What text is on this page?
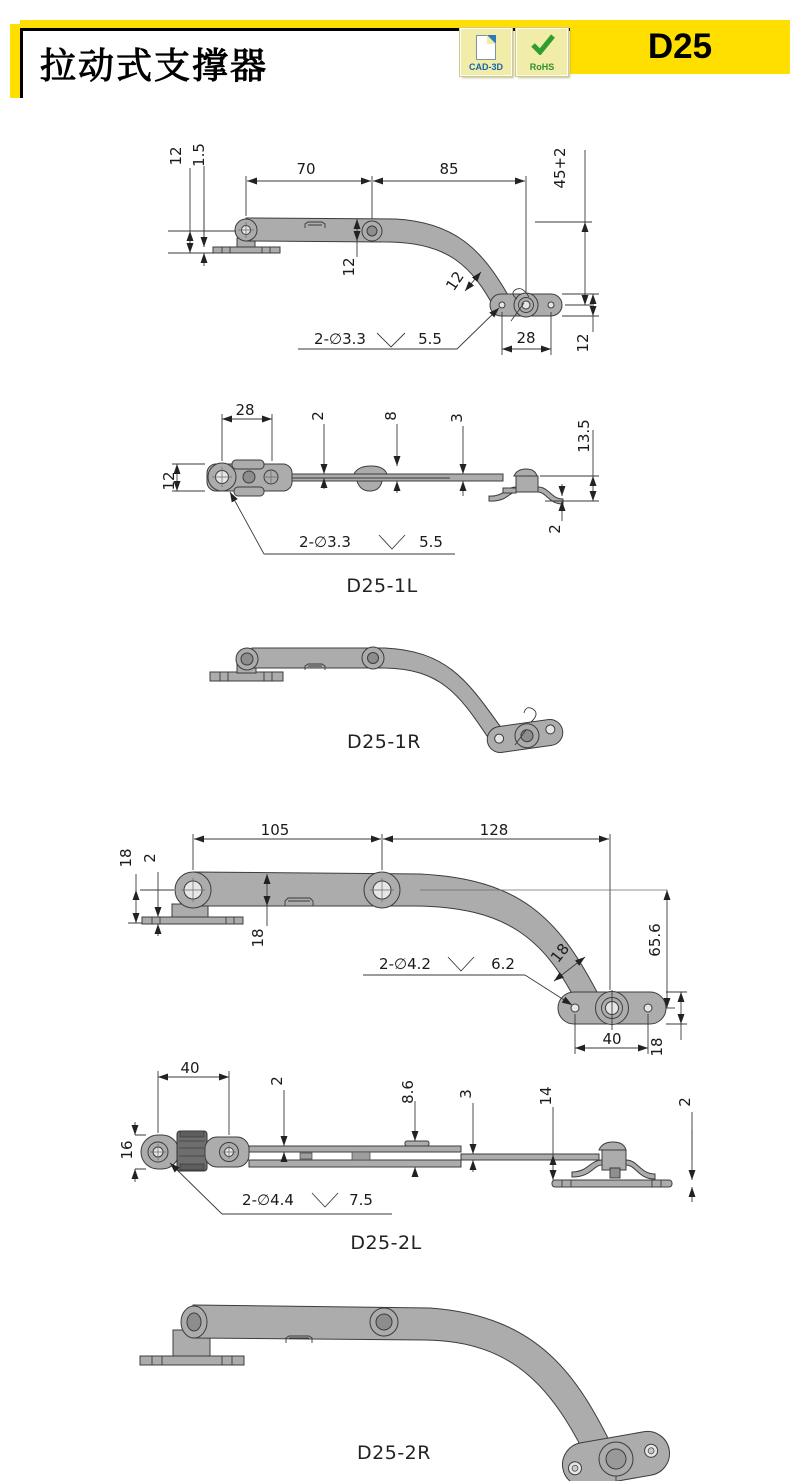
拉动式支撑器	D25
CAD-3D	RoHS
12 1.5
70	85	45+2
12
12
2-∅3.3	5.5	28	12
28	2	8	3
13.5
12
2
2-∅3.3	5.5
D25-1L
D25-1R
105	128
18 2
18
18	65.6
2-∅4.2	6.2
40 18
40
2	8.6	3	14	2
16
2-∅4.4	7.5
D25-2L
D25-2R
